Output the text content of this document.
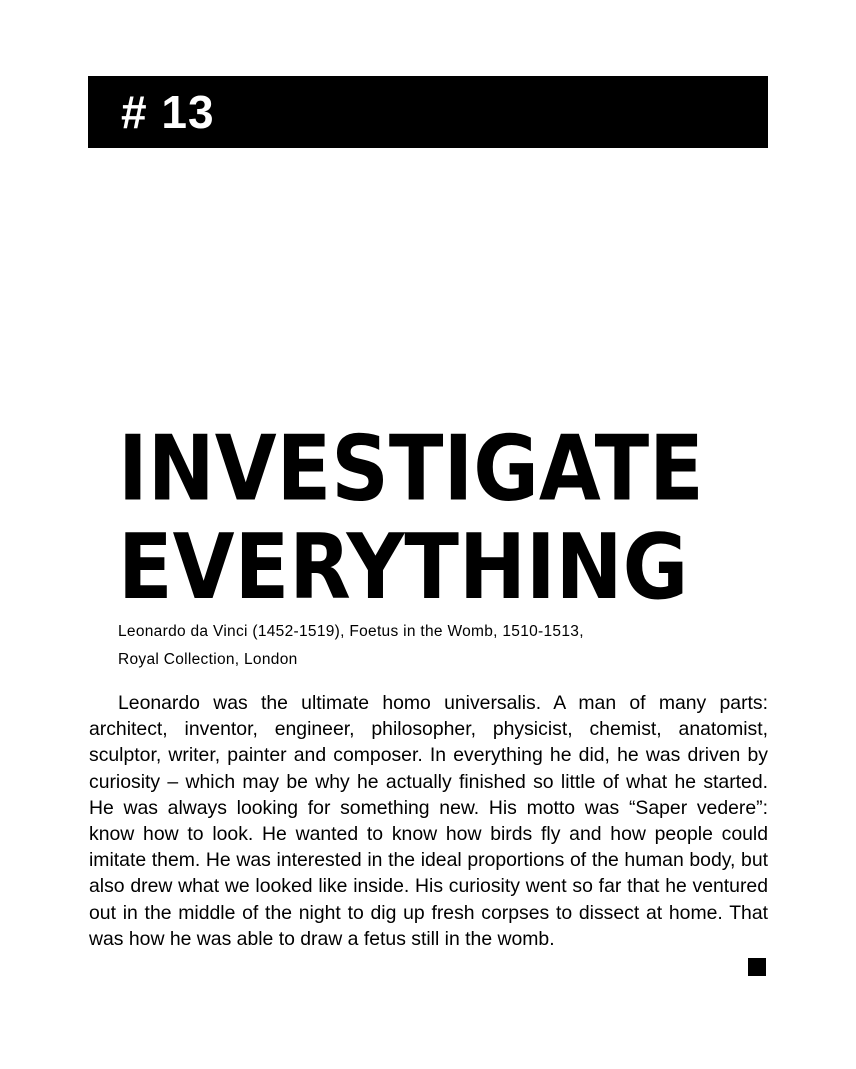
# 13
INVESTIGATE
EVERYTHING
Leonardo da Vinci (1452-1519), Foetus in the Womb, 1510-1513,
Royal Collection, London

Leonardo was the ultimate homo universalis. A man of many parts: architect, inventor, engineer, philosopher, physicist, chemist, anatomist, sculptor, writer, painter and composer. In everything he did, he was driven by curiosity – which may be why he actually finished so little of what he started. He was always looking for something new. His motto was “Saper vedere”: know how to look. He wanted to know how birds fly and how people could imitate them. He was interested in the ideal proportions of the human body, but also drew what we looked like inside. His curiosity went so far that he ventured out in the middle of the night to dig up fresh corpses to dissect at home. That was how he was able to draw a fetus still in the womb.
